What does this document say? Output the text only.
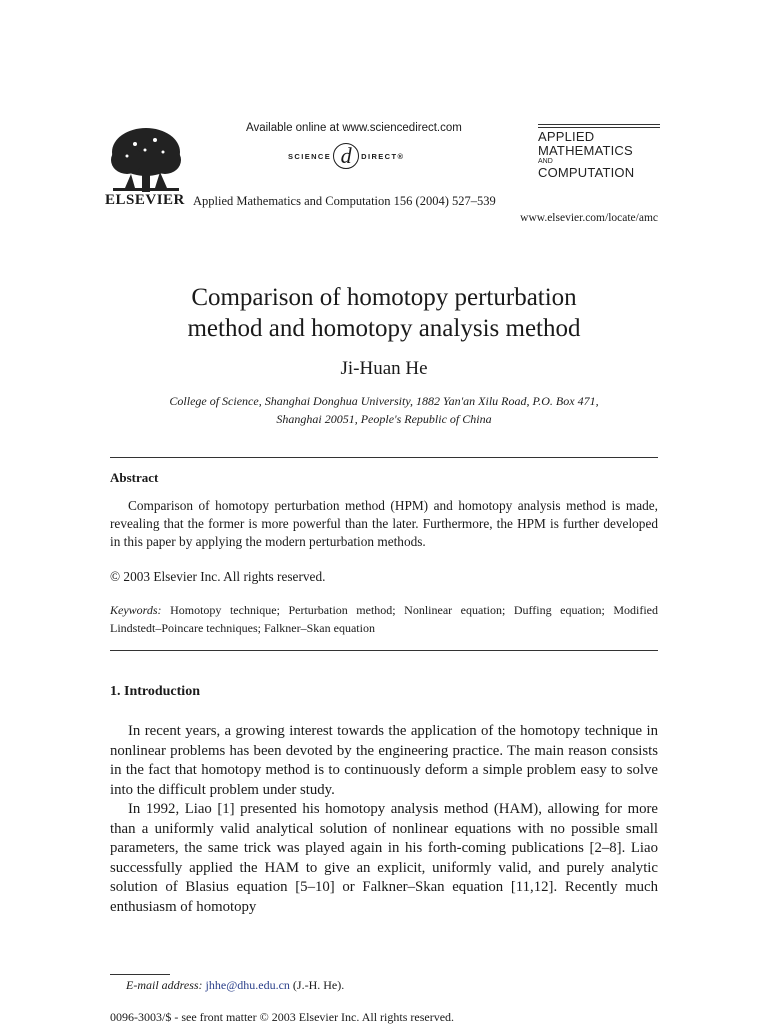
ELSEVIER
Available online at www.sciencedirect.com
SCIENCE d	DIRECT®
Applied Mathematics and Computation 156 (2004) 527–539
www.elsevier.com/locate/amc
APPLIED
MATHEMATICS
AND
COMPUTATION
Comparison of homotopy perturbation
method and homotopy analysis method
Ji-Huan He
College of Science, Shanghai Donghua University, 1882 Yan'an Xilu Road, P.O. Box 471,
Shanghai 20051, People's Republic of China
Abstract
Comparison of homotopy perturbation method (HPM) and homotopy analysis method is made, revealing that the former is more powerful than the later. Furthermore, the HPM is further developed in this paper by applying the modern perturbation methods.
© 2003 Elsevier Inc. All rights reserved.
Keywords: Homotopy technique; Perturbation method; Nonlinear equation; Duffing equation; Modified Lindstedt–Poincare techniques; Falkner–Skan equation
1. Introduction
In recent years, a growing interest towards the application of the homotopy technique in nonlinear problems has been devoted by the engineering practice. The main reason consists in the fact that homotopy method is to continuously deform a simple problem easy to solve into the difficult problem under study.
In 1992, Liao [1] presented his homotopy analysis method (HAM), allowing for more than a uniformly valid analytical solution of nonlinear equations with no possible small parameters, the same trick was played again in his forth-coming publications [2–8]. Liao successfully applied the HAM to give an explicit, uniformly valid, and purely analytic solution of Blasius equation [5–10] or Falkner–Skan equation [11,12]. Recently much enthusiasm of homotopy
E-mail address: jhhe@dhu.edu.cn (J.-H. He).
0096-3003/$ - see front matter © 2003 Elsevier Inc. All rights reserved.
